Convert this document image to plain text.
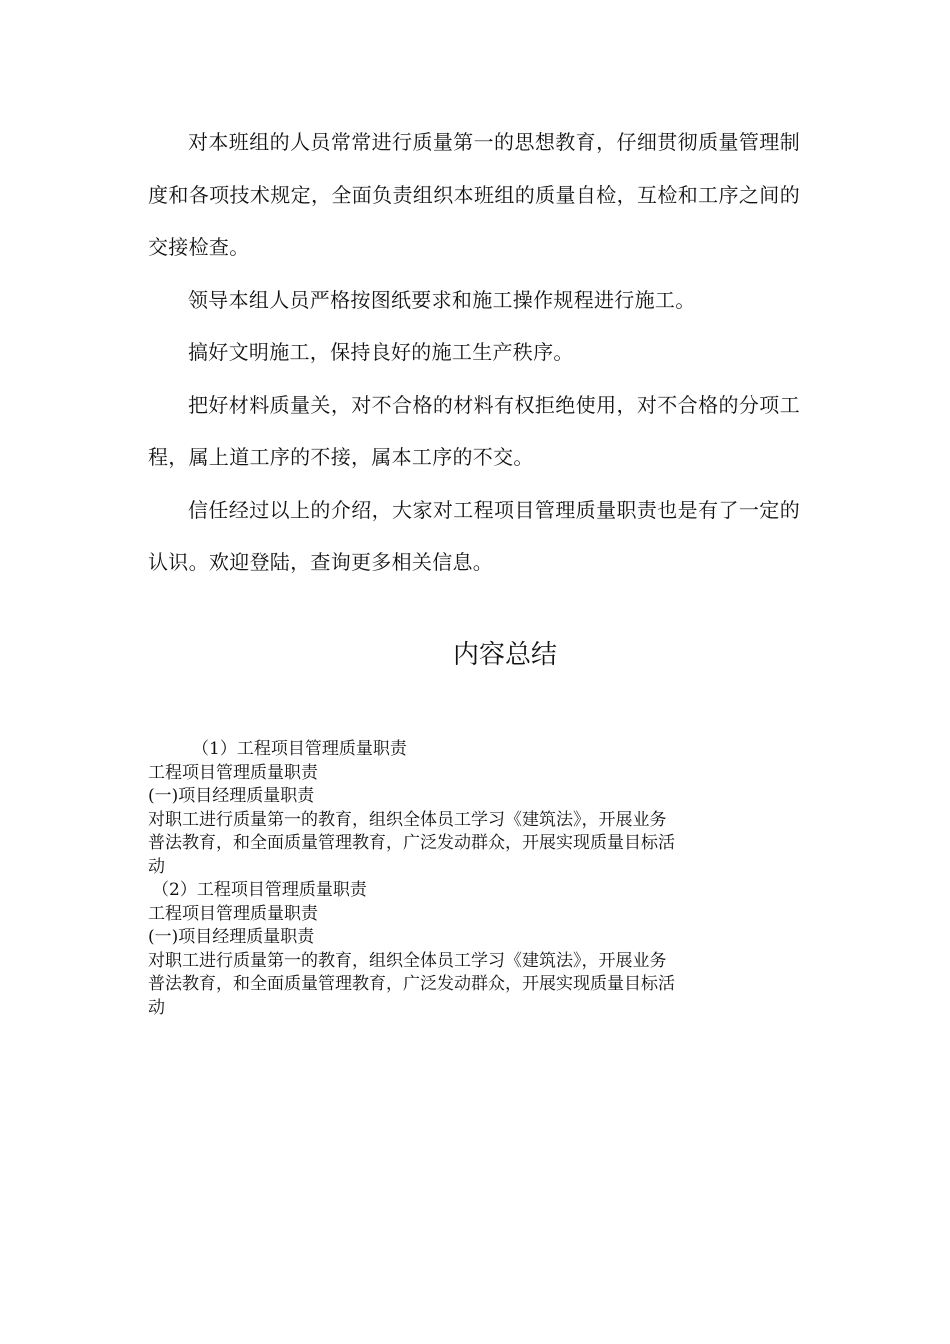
对本班组的人员常常进行质量第一的思想教育，仔细贯彻质量管理制度和各项技术规定，全面负责组织本班组的质量自检，互检和工序之间的交接检查。

领导本组人员严格按图纸要求和施工操作规程进行施工。

搞好文明施工，保持良好的施工生产秩序。

把好材料质量关，对不合格的材料有权拒绝使用，对不合格的分项工程，属上道工序的不接，属本工序的不交。

信任经过以上的介绍，大家对工程项目管理质量职责也是有了一定的认识。欢迎登陆，查询更多相关信息。

内容总结

（1）工程项目管理质量职责

工程项目管理质量职责

(一)项目经理质量职责

对职工进行质量第一的教育，组织全体员工学习《建筑法》，开展业务

普法教育，和全面质量管理教育，广泛发动群众，开展实现质量目标活

动

（2）工程项目管理质量职责

工程项目管理质量职责

(一)项目经理质量职责

对职工进行质量第一的教育，组织全体员工学习《建筑法》，开展业务

普法教育，和全面质量管理教育，广泛发动群众，开展实现质量目标活

动
